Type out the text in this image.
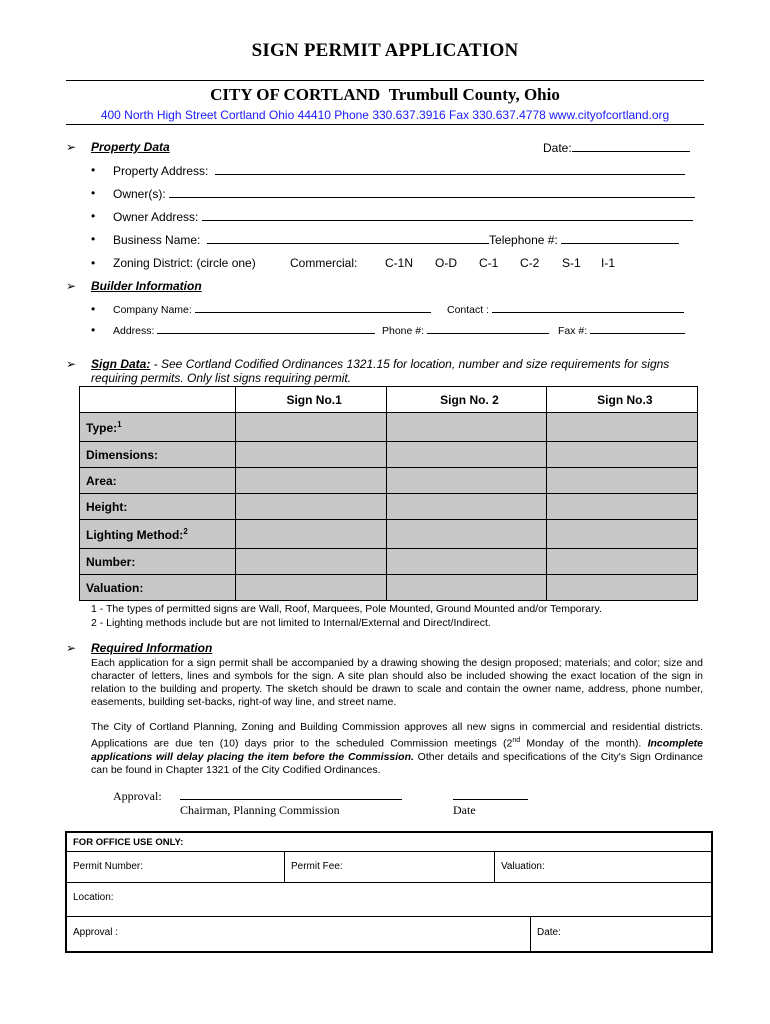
SIGN PERMIT APPLICATION
CITY OF CORTLAND Trumbull County, Ohio
400 North High Street Cortland Ohio 44410 Phone 330.637.3916 Fax 330.637.4778 www.cityofcortland.org
➢ Property Data	Date:
• Property Address:
• Owner(s):
• Owner Address:
• Business Name:	Telephone #:
• Zoning District: (circle one)	Commercial: C-1N O-D C-1 C-2 S-1 I-1
➢ Builder Information
• Company Name:	Contact :
• Address:	Phone #:	Fax #:
➢ Sign Data: - See Cortland Codified Ordinances 1321.15 for location, number and size requirements for signs requiring permits. Only list signs requiring permit.
	Sign No.1	Sign No. 2	Sign No.3
Type:$^1$			
Dimensions:			
Area:			
Height:			
Lighting Method:$^2$			
Number:			
Valuation:			
1 - The types of permitted signs are Wall, Roof, Marquees, Pole Mounted, Ground Mounted and/or Temporary.
2 - Lighting methods include but are not limited to Internal/External and Direct/Indirect.
➢ Required Information
Each application for a sign permit shall be accompanied by a drawing showing the design proposed; materials; and color; size and character of letters, lines and symbols for the sign. A site plan should also be included showing the exact location of the sign in relation to the building and property. The sketch should be drawn to scale and contain the owner name, address, phone number, easements, building set-backs, right-of way line, and street name.
The City of Cortland Planning, Zoning and Building Commission approves all new signs in commercial and residential districts. Applications are due ten (10) days prior to the scheduled Commission meetings (2nd Monday of the month). Incomplete applications will delay placing the item before the Commission. Other details and specifications of the City's Sign Ordinance can be found in Chapter 1321 of the City Codified Ordinances.
Approval:
Chairman, Planning Commission	Date
FOR OFFICE USE ONLY:
Permit Number:	Permit Fee:	Valuation:
Location:
Approval :	Date:
